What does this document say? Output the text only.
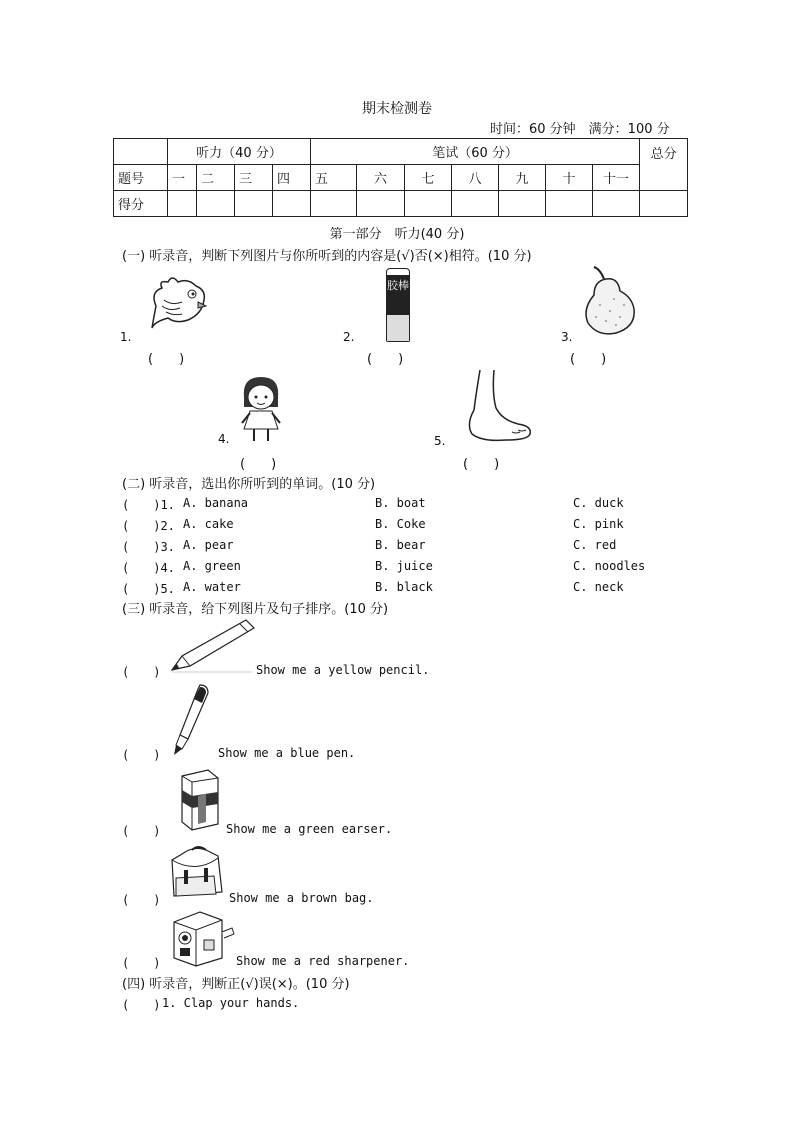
期末检测卷
时间：60 分钟　满分：100 分
	听力（40 分）				笔试（60 分）							总分
题号	一	二	三	四	五	六	七	八	九	十	十一	
得分												
第一部分　听力(40 分)
(一) 听录音，判断下列图片与你所听到的内容是(√)否(×)相符。(10 分)
1.
(　　)
胶棒
2.
(　　)
3.
(　　)
4.
(　　)
5.
(　　)
(二) 听录音，选出你所听到的单词。(10 分)
(　　)1. A. banana	B. boat	C. duck
(　　)2. A. cake	B. Coke	C. pink
(　　)3. A. pear	B. bear	C. red
(　　)4. A. green	B. juice	C. noodles
(　　)5. A. water	B. black	C. neck
(三) 听录音，给下列图片及句子排序。(10 分)
(　　)	Show me a yellow pencil.
(　　)	Show me a blue pen.
(　　)	Show me a green earser.
(　　)	Show me a brown bag.
(　　)	Show me a red sharpener.
(四) 听录音，判断正(√)误(×)。(10 分)
(　　) 1. Clap your hands.
